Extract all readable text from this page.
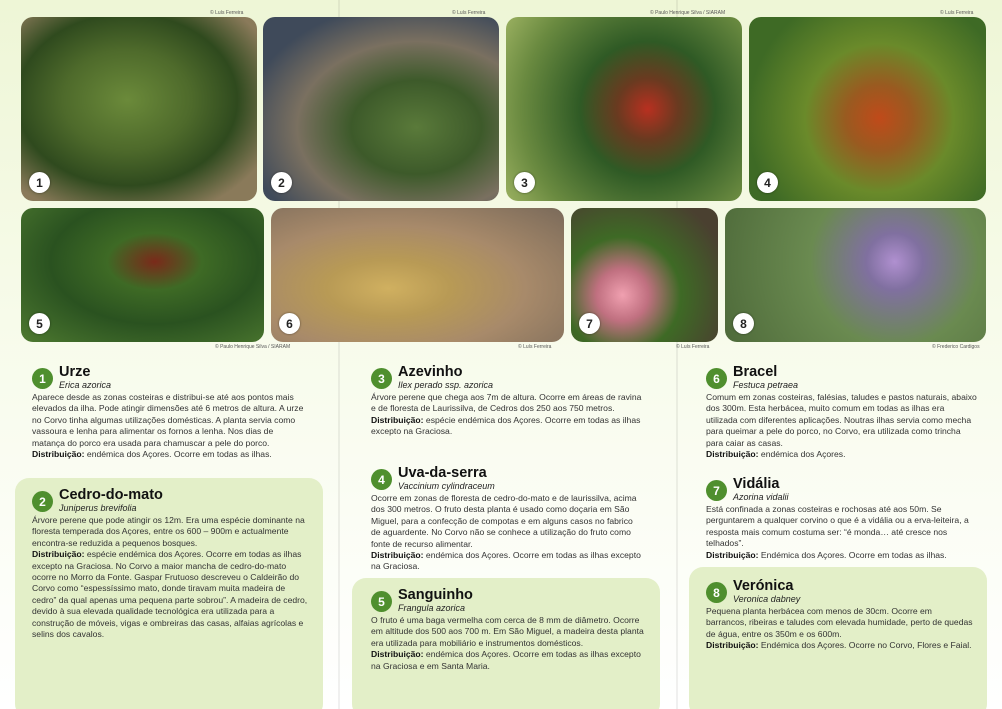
1	2	3	4
5	6	7	8
© Luís Ferreira	© Luís Ferreira	© Paulo Henrique Silva / SIARAM	© Luís Ferreira
© Paulo Henrique Silva / SIARAM	© Luís Ferreira	© Luís Ferreira	© Frederico Cardigos
1 Urze
Erica azorica
Aparece desde as zonas costeiras e distribui-se até aos pontos mais elevados da ilha. Pode atingir dimensões até 6 metros de altura. A urze no Corvo tinha algumas utilizações domésticas. A planta servia como vassoura e lenha para alimentar os fornos a lenha. Nos dias de matança do porco era usada para chamuscar a pele do porco.
Distribuição: endémica dos Açores. Ocorre em todas as ilhas.
2 Cedro-do-mato
Juniperus brevifolia
Árvore perene que pode atingir os 12m. Era uma espécie dominante na floresta temperada dos Açores, entre os 600 – 900m e actualmente encontra-se reduzida a pequenos bosques.
Distribuição: espécie endémica dos Açores. Ocorre em todas as ilhas excepto na Graciosa. No Corvo a maior mancha de cedro-do-mato ocorre no Morro da Fonte. Gaspar Frutuoso descreveu o Caldeirão do Corvo como “espessíssimo mato, donde tiravam muita madeira de cedro” da qual apenas uma pequena parte sobrou”. A madeira de cedro, devido à sua elevada qualidade tecnológica era utilizada para a construção de móveis, vigas e ombreiras das casas, alfaias agrícolas e selins dos cavalos.
3 Azevinho
Ilex perado ssp. azorica
Árvore perene que chega aos 7m de altura. Ocorre em áreas de ravina e de floresta de Laurissilva, de Cedros dos 250 aos 750 metros.
Distribuição: espécie endémica dos Açores. Ocorre em todas as ilhas excepto na Graciosa.
4 Uva-da-serra
Vaccinium cylindraceum
Ocorre em zonas de floresta de cedro-do-mato e de laurissilva, acima dos 300 metros. O fruto desta planta é usado como doçaria em São Miguel, para a confecção de compotas e em alguns casos no fabrico de aguardente. No Corvo não se conhece a utilização do fruto como fonte de recurso alimentar.
Distribuição: endémica dos Açores. Ocorre em todas as ilhas excepto na Graciosa.
5 Sanguinho
Frangula azorica
O fruto é uma baga vermelha com cerca de 8 mm de diâmetro. Ocorre em altitude dos 500 aos 700 m. Em São Miguel, a madeira desta planta era utilizada para mobiliário e instrumentos domésticos.
Distribuição: endémica dos Açores. Ocorre em todas as ilhas excepto na Graciosa e em Santa Maria.
6 Bracel
Festuca petraea
Comum em zonas costeiras, falésias, taludes e pastos naturais, abaixo dos 300m. Esta herbácea, muito comum em todas as ilhas era utilizada com diferentes aplicações. Noutras ilhas servia como mecha para queimar a pele do porco, no Corvo, era utilizada como trincha para caiar as casas.
Distribuição: endémica dos Açores.
7 Vidália
Azorina vidalii
Está confinada a zonas costeiras e rochosas até aos 50m. Se perguntarem a qualquer corvino o que é a vidália ou a erva-leiteira, a resposta mais comum costuma ser: “é monda… até cresce nos telhados”.
Distribuição: Endémica dos Açores. Ocorre em todas as ilhas.
8 Verónica
Veronica dabney
Pequena planta herbácea com menos de 30cm. Ocorre em barrancos, ribeiras e taludes com elevada humidade, perto de quedas de água, entre os 350m e os 600m.
Distribuição: Endémica dos Açores. Ocorre no Corvo, Flores e Faial.
